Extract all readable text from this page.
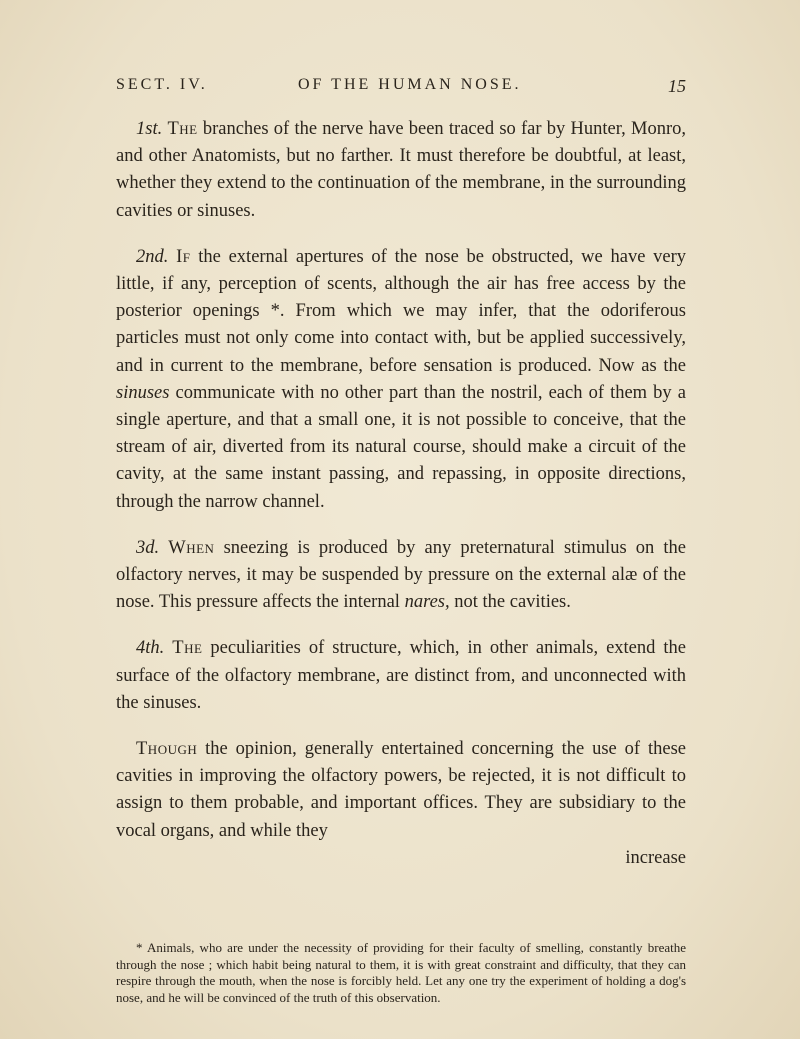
SECT. IV.	OF THE HUMAN NOSE.	15

1st. The branches of the nerve have been traced so far by Hunter, Monro, and other Anatomists, but no farther. It must therefore be doubtful, at least, whether they extend to the continuation of the membrane, in the surrounding cavities or sinuses.

2nd. If the external apertures of the nose be obstructed, we have very little, if any, perception of scents, although the air has free access by the posterior openings *. From which we may infer, that the odoriferous particles must not only come into contact with, but be applied successively, and in current to the membrane, before sensation is produced. Now as the sinuses communicate with no other part than the nostril, each of them by a single aperture, and that a small one, it is not possible to conceive, that the stream of air, diverted from its natural course, should make a circuit of the cavity, at the same instant passing, and repassing, in opposite directions, through the narrow channel.

3d. When sneezing is produced by any preternatural stimulus on the olfactory nerves, it may be suspended by pressure on the external alæ of the nose. This pressure affects the internal nares, not the cavities.

4th. The peculiarities of structure, which, in other animals, extend the surface of the olfactory membrane, are distinct from, and unconnected with the sinuses.

Though the opinion, generally entertained concerning the use of these cavities in improving the olfactory powers, be rejected, it is not difficult to assign to them probable, and important offices. They are subsidiary to the vocal organs, and while they

increase

* Animals, who are under the necessity of providing for their faculty of smelling, constantly breathe through the nose ; which habit being natural to them, it is with great constraint and difficulty, that they can respire through the mouth, when the nose is forcibly held. Let any one try the experiment of holding a dog's nose, and he will be convinced of the truth of this observation.
